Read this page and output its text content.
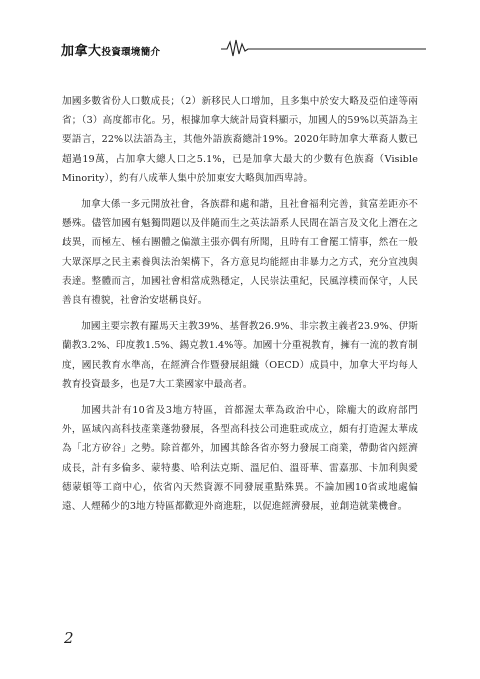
加拿大投資環境簡介

加國多數省份人口數成長；（2）新移民人口增加，且多集中於安大略及亞伯達等兩省；（3）高度都市化。另，根據加拿大統計局資料顯示，加國人的59%以英語為主要語言，22%以法語為主，其他外語族裔總計19%。2020年時加拿大華裔人數已超過19萬，占加拿大總人口之5.1%，已是加拿大最大的少數有色族裔（Visible Minority），約有八成華人集中於加東安大略與加西卑詩。

加拿大係一多元開放社會，各族群和處和諧，且社會福利完善，貧富差距亦不懸殊。儘管加國有魁獨問題以及伴隨而生之英法語系人民間在語言及文化上潛在之歧異，而極左、極右團體之偏激主張亦偶有所聞，且時有工會罷工情事，然在一般大眾深厚之民主素養與法治架構下，各方意見均能經由非暴力之方式，充分宣洩與表達。整體而言，加國社會相當成熟穩定，人民崇法重紀，民風淳樸而保守，人民善良有禮貌，社會治安堪稱良好。

加國主要宗教有羅馬天主教39%、基督教26.9%、非宗教主義者23.9%、伊斯蘭教3.2%、印度教1.5%、錫克教1.4%等。加國十分重視教育，擁有一流的教育制度，國民教育水準高，在經濟合作暨發展組織（OECD）成員中，加拿大平均每人教育投資最多，也是7大工業國家中最高者。

加國共計有10省及3地方特區，首都渥太華為政治中心，除龐大的政府部門外，區域內高科技產業蓬勃發展，各型高科技公司進駐或成立，頗有打造渥太華成為「北方矽谷」之勢。除首都外，加國其餘各省亦努力發展工商業，帶動省內經濟成長，計有多倫多、蒙特婁、哈利法克斯、溫尼伯、溫哥華、雷嘉那、卡加利與愛德蒙頓等工商中心，依省內天然資源不同發展重點殊異。不論加國10省或地處偏遠、人煙稀少的3地方特區都歡迎外商進駐，以促進經濟發展，並創造就業機會。

2
